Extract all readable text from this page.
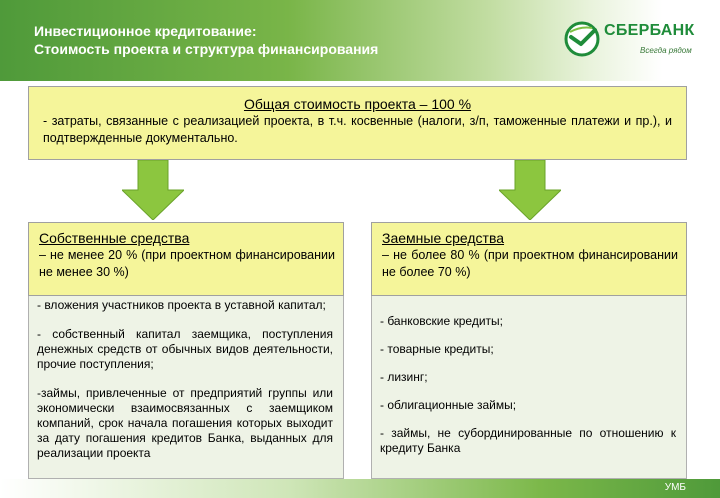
Инвестиционное кредитование:
Стоимость проекта и структура финансирования
СБЕРБАНК
Всегда рядом
Общая стоимость проекта – 100 %
- затраты, связанные с реализацией проекта, в т.ч. косвенные (налоги, з/п, таможенные платежи и пр.), и подтвержденные документально.
Собственные средства
– не менее 20 % (при проектном финансировании не менее 30 %)

- вложения участников проекта в уставной капитал;

- собственный капитал заемщика, поступления денежных средств от обычных видов деятельности, прочие поступления;

-займы, привлеченные от предприятий группы или экономически взаимосвязанных с заемщиком компаний, срок начала погашения которых выходит за дату погашения кредитов Банка, выданных для реализации проекта

Заемные средства
– не более 80 % (при проектном финансировании не более 70 %)

- банковские кредиты;

- товарные кредиты;

- лизинг;

- облигационные займы;

- займы, не субординированные по отношению к кредиту Банка

УМБ
